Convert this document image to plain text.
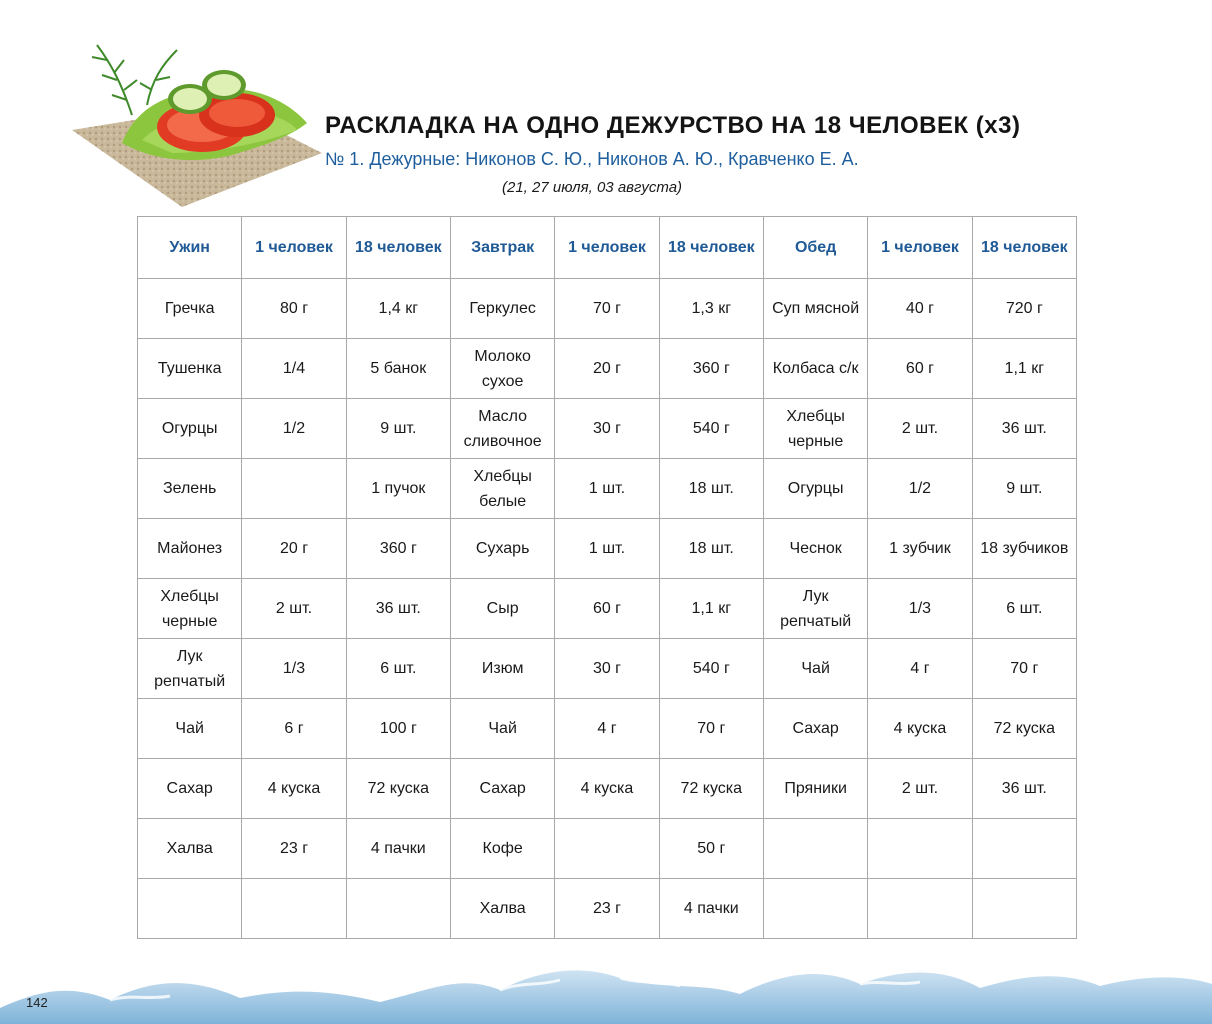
РАСКЛАДКА НА ОДНО ДЕЖУРСТВО НА 18 ЧЕЛОВЕК (x3)
№ 1. Дежурные: Никонов С. Ю., Никонов А. Ю., Кравченко Е. А.
(21, 27 июля, 03 августа)
Ужин	1 человек	18 человек	Завтрак	1 человек	18 человек	Обед	1 человек	18 человек
Гречка	80 г	1,4 кг	Геркулес	70 г	1,3 кг	Суп мясной	40 г	720 г
Тушенка	1/4	5 банок	Молоко сухое	20 г	360 г	Колбаса с/к	60 г	1,1 кг
Огурцы	1/2	9 шт.	Масло сливочное	30 г	540 г	Хлебцы черные	2 шт.	36 шт.
Зелень		1 пучок	Хлебцы белые	1 шт.	18 шт.	Огурцы	1/2	9 шт.
Майонез	20 г	360 г	Сухарь	1 шт.	18 шт.	Чеснок	1 зубчик	18 зубчиков
Хлебцы черные	2 шт.	36 шт.	Сыр	60 г	1,1 кг	Лук репчатый	1/3	6 шт.
Лук репчатый	1/3	6 шт.	Изюм	30 г	540 г	Чай	4 г	70 г
Чай	6 г	100 г	Чай	4 г	70 г	Сахар	4 куска	72 куска
Сахар	4 куска	72 куска	Сахар	4 куска	72 куска	Пряники	2 шт.	36 шт.
Халва	23 г	4 пачки	Кофе		50 г			
			Халва	23 г	4 пачки			
142
